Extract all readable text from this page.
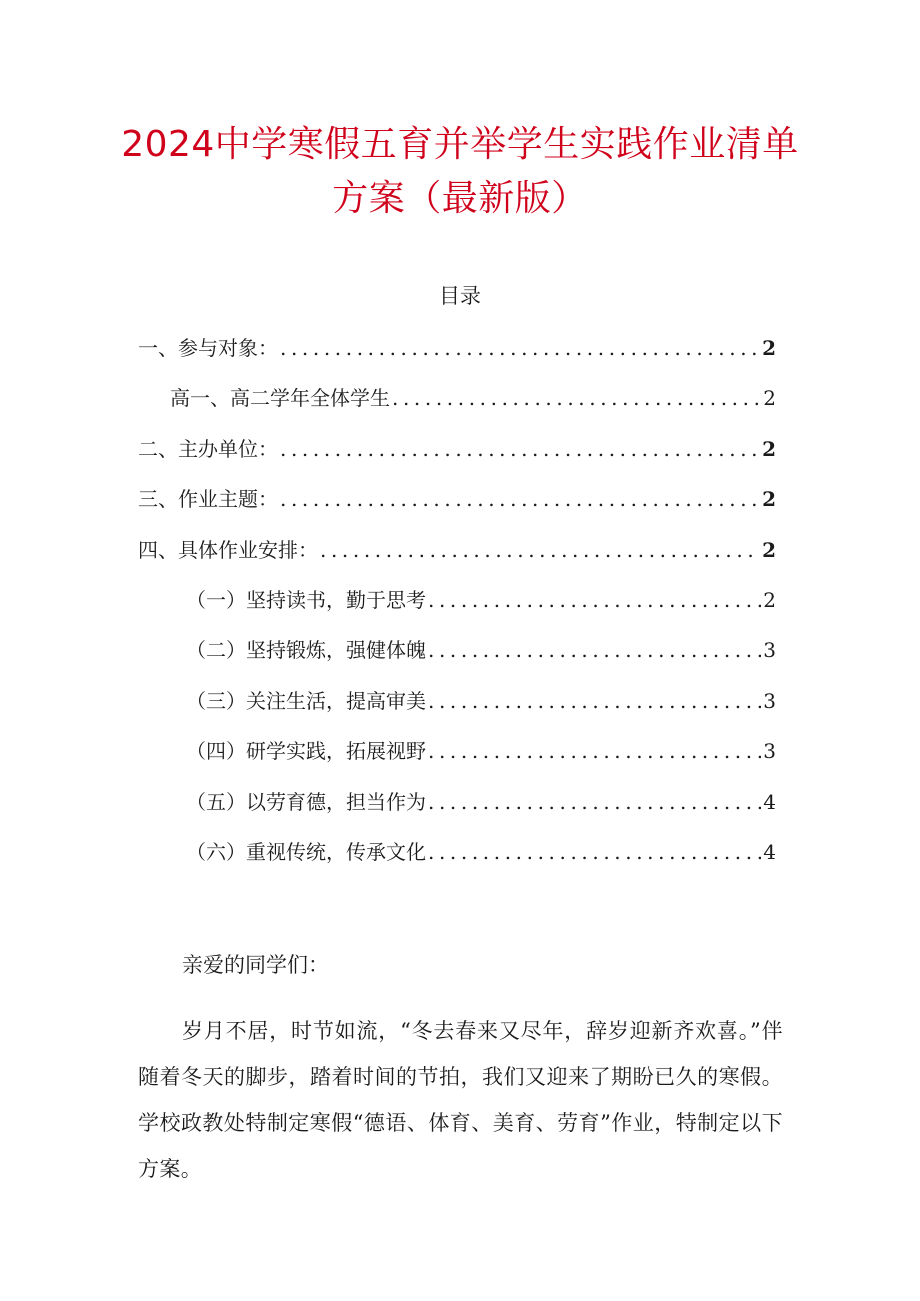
2024中学寒假五育并举学生实践作业清单方案（最新版）
目录
一、参与对象： .....	2
高一、高二学年全体学生 .....	2
二、主办单位： .....	2
三、作业主题： .....	2
四、具体作业安排： .....	2
（一）坚持读书，勤于思考 .....	2
（二）坚持锻炼，强健体魄 .....	3
（三）关注生活，提高审美 .....	3
（四）研学实践，拓展视野 .....	3
（五）以劳育德，担当作为 .....	4
（六）重视传统，传承文化 .....	4
亲爱的同学们：
岁月不居，时节如流，“冬去春来又尽年，辞岁迎新齐欢喜。”伴随着冬天的脚步，踏着时间的节拍，我们又迎来了期盼已久的寒假。学校政教处特制定寒假“德语、体育、美育、劳育”作业，特制定以下方案。
